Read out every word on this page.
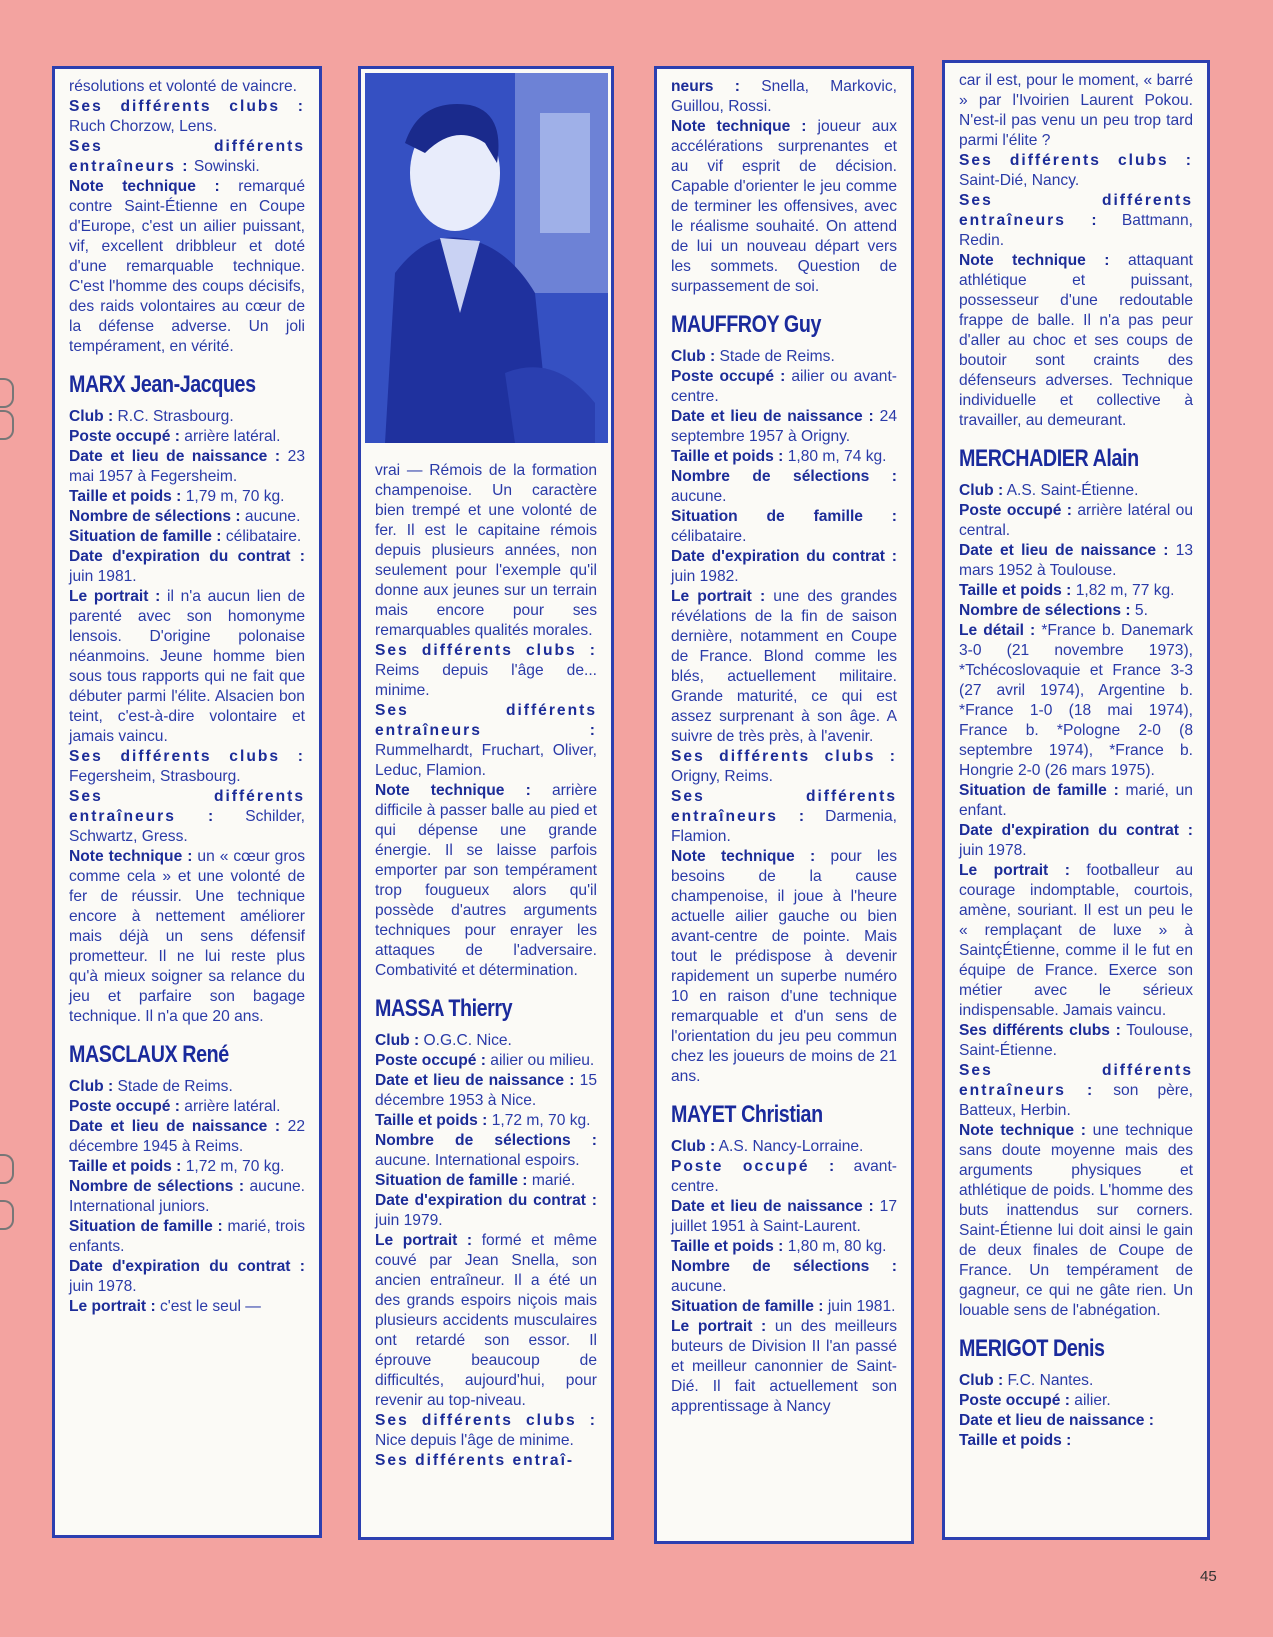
résolutions et volonté de vaincre.

Ses différents clubs : Ruch Chorzow, Lens.

Ses différents entraîneurs : Sowinski.

Note technique : remarqué contre Saint-Étienne en Coupe d'Europe, c'est un ailier puissant, vif, excellent dribbleur et doté d'une remarquable technique. C'est l'homme des coups décisifs, des raids volontaires au cœur de la défense adverse. Un joli tempérament, en vérité.

MARX Jean-Jacques

Club : R.C. Strasbourg.

Poste occupé : arrière latéral.

Date et lieu de naissance : 23 mai 1957 à Fegersheim.

Taille et poids : 1,79 m, 70 kg.

Nombre de sélections : aucune.

Situation de famille : célibataire.

Date d'expiration du contrat : juin 1981.

Le portrait : il n'a aucun lien de parenté avec son homonyme lensois. D'origine polonaise néanmoins. Jeune homme bien sous tous rapports qui ne fait que débuter parmi l'élite. Alsacien bon teint, c'est-à-dire volontaire et jamais vaincu.

Ses différents clubs : Fegersheim, Strasbourg.

Ses différents entraîneurs : Schilder, Schwartz, Gress.

Note technique : un « cœur gros comme cela » et une volonté de fer de réussir. Une technique encore à nettement améliorer mais déjà un sens défensif prometteur. Il ne lui reste plus qu'à mieux soigner sa relance du jeu et parfaire son bagage technique. Il n'a que 20 ans.

MASCLAUX René

Club : Stade de Reims.

Poste occupé : arrière latéral.

Date et lieu de naissance : 22 décembre 1945 à Reims.

Taille et poids : 1,72 m, 70 kg.

Nombre de sélections : aucune. International juniors.

Situation de famille : marié, trois enfants.

Date d'expiration du contrat : juin 1978.

Le portrait : c'est le seul —

vrai — Rémois de la formation champenoise. Un caractère bien trempé et une volonté de fer. Il est le capitaine rémois depuis plusieurs années, non seulement pour l'exemple qu'il donne aux jeunes sur un terrain mais encore pour ses remarquables qualités morales.

Ses différents clubs : Reims depuis l'âge de... minime.

Ses différents entraîneurs : Rummelhardt, Fruchart, Oliver, Leduc, Flamion.

Note technique : arrière difficile à passer balle au pied et qui dépense une grande énergie. Il se laisse parfois emporter par son tempérament trop fougueux alors qu'il possède d'autres arguments techniques pour enrayer les attaques de l'adversaire. Combativité et détermination.

MASSA Thierry

Club : O.G.C. Nice.

Poste occupé : ailier ou milieu.

Date et lieu de naissance : 15 décembre 1953 à Nice.

Taille et poids : 1,72 m, 70 kg.

Nombre de sélections : aucune. International espoirs.

Situation de famille : marié.

Date d'expiration du contrat : juin 1979.

Le portrait : formé et même couvé par Jean Snella, son ancien entraîneur. Il a été un des grands espoirs niçois mais plusieurs accidents musculaires ont retardé son essor. Il éprouve beaucoup de difficultés, aujourd'hui, pour revenir au top-niveau.

Ses différents clubs : Nice depuis l'âge de minime.

Ses différents entraî-

neurs : Snella, Markovic, Guillou, Rossi.

Note technique : joueur aux accélérations surprenantes et au vif esprit de décision. Capable d'orienter le jeu comme de terminer les offensives, avec le réalisme souhaité. On attend de lui un nouveau départ vers les sommets. Question de surpassement de soi.

MAUFFROY Guy

Club : Stade de Reims.

Poste occupé : ailier ou avant-centre.

Date et lieu de naissance : 24 septembre 1957 à Origny.

Taille et poids : 1,80 m, 74 kg.

Nombre de sélections : aucune.

Situation de famille : célibataire.

Date d'expiration du contrat : juin 1982.

Le portrait : une des grandes révélations de la fin de saison dernière, notamment en Coupe de France. Blond comme les blés, actuellement militaire. Grande maturité, ce qui est assez surprenant à son âge. A suivre de très près, à l'avenir.

Ses différents clubs : Origny, Reims.

Ses différents entraîneurs : Darmenia, Flamion.

Note technique : pour les besoins de la cause champenoise, il joue à l'heure actuelle ailier gauche ou bien avant-centre de pointe. Mais tout le prédispose à devenir rapidement un superbe numéro 10 en raison d'une technique remarquable et d'un sens de l'orientation du jeu peu commun chez les joueurs de moins de 21 ans.

MAYET Christian

Club : A.S. Nancy-Lorraine.

Poste occupé : avant-centre.

Date et lieu de naissance : 17 juillet 1951 à Saint-Laurent.

Taille et poids : 1,80 m, 80 kg.

Nombre de sélections : aucune.

Situation de famille : juin 1981.

Le portrait : un des meilleurs buteurs de Division II l'an passé et meilleur canonnier de Saint-Dié. Il fait actuellement son apprentissage à Nancy

car il est, pour le moment, « barré » par l'Ivoirien Laurent Pokou. N'est-il pas venu un peu trop tard parmi l'élite ?

Ses différents clubs : Saint-Dié, Nancy.

Ses différents entraîneurs : Battmann, Redin.

Note technique : attaquant athlétique et puissant, possesseur d'une redoutable frappe de balle. Il n'a pas peur d'aller au choc et ses coups de boutoir sont craints des défenseurs adverses. Technique individuelle et collective à travailler, au demeurant.

MERCHADIER Alain

Club : A.S. Saint-Étienne.

Poste occupé : arrière latéral ou central.

Date et lieu de naissance : 13 mars 1952 à Toulouse.

Taille et poids : 1,82 m, 77 kg.

Nombre de sélections : 5.

Le détail : *France b. Danemark 3-0 (21 novembre 1973), *Tchécoslovaquie et France 3-3 (27 avril 1974), Argentine b. *France 1-0 (18 mai 1974), France b. *Pologne 2-0 (8 septembre 1974), *France b. Hongrie 2-0 (26 mars 1975).

Situation de famille : marié, un enfant.

Date d'expiration du contrat : juin 1978.

Le portrait : footballeur au courage indomptable, courtois, amène, souriant. Il est un peu le « remplaçant de luxe » à SaintçÉtienne, comme il le fut en équipe de France. Exerce son métier avec le sérieux indispensable. Jamais vaincu.

Ses différents clubs : Toulouse, Saint-Étienne.

Ses différents entraîneurs : son père, Batteux, Herbin.

Note technique : une technique sans doute moyenne mais des arguments physiques et athlétique de poids. L'homme des buts inattendus sur corners. Saint-Étienne lui doit ainsi le gain de deux finales de Coupe de France. Un tempérament de gagneur, ce qui ne gâte rien. Un louable sens de l'abnégation.

MERIGOT Denis

Club : F.C. Nantes.

Poste occupé : ailier.

Date et lieu de naissance :

Taille et poids :

45
